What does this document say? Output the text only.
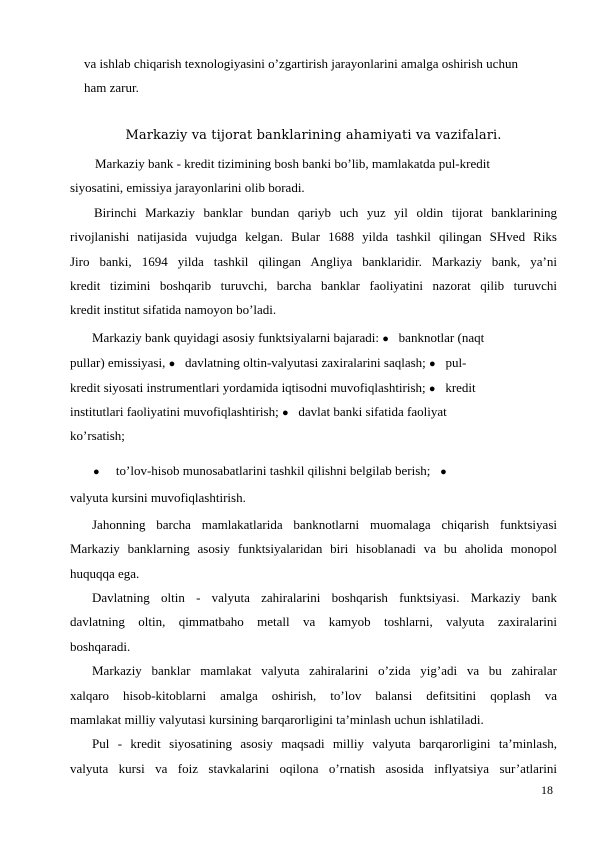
va ishlab chiqarish texnologiyasini o’zgartirish jarayonlarini amalga oshirish uchun
ham zarur.
Markaziy va tijorat banklarining ahamiyati va vazifalari.
Markaziy bank - kredit tizimining bosh banki bo’lib, mamlakatda pul-kredit
siyosatini, emissiya jarayonlarini olib boradi.
Birinchi Markaziy banklar bundan qariyb uch yuz yil oldin tijorat banklarining
rivojlanishi natijasida vujudga kelgan. Bular 1688 yilda tashkil qilingan SHved Riks
Jiro banki, 1694 yilda tashkil qilingan Angliya banklaridir. Markaziy bank, ya’ni
kredit tizimini boshqarib turuvchi, barcha banklar faoliyatini nazorat qilib turuvchi
kredit institut sifatida namoyon bo’ladi.
Markaziy bank quyidagi asosiy funktsiyalarni bajaradi: ● banknotlar (naqt
pullar) emissiyasi, ● davlatning oltin-valyutasi zaxiralarini saqlash; ● pul-
kredit siyosati instrumentlari yordamida iqtisodni muvofiqlashtirish; ● kredit
institutlari faoliyatini muvofiqlashtirish; ● davlat banki sifatida faoliyat
ko’rsatish;
● to’lov-hisob munosabatlarini tashkil qilishni belgilab berish; ●
valyuta kursini muvofiqlashtirish.
Jahonning barcha mamlakatlarida banknotlarni muomalaga chiqarish funktsiyasi
Markaziy banklarning asosiy funktsiyalaridan biri hisoblanadi va bu aholida monopol
huquqqa ega.
Davlatning oltin - valyuta zahiralarini boshqarish funktsiyasi. Markaziy bank
davlatning oltin, qimmatbaho metall va kamyob toshlarni, valyuta zaxiralarini
boshqaradi.
Markaziy banklar mamlakat valyuta zahiralarini o’zida yig’adi va bu zahiralar
xalqaro hisob-kitoblarni amalga oshirish, to’lov balansi defitsitini qoplash va
mamlakat milliy valyutasi kursining barqarorligini ta’minlash uchun ishlatiladi.
Pul - kredit siyosatining asosiy maqsadi milliy valyuta barqarorligini ta’minlash,
valyuta kursi va foiz stavkalarini oqilona o’rnatish asosida inflyatsiya sur’atlarini
18
